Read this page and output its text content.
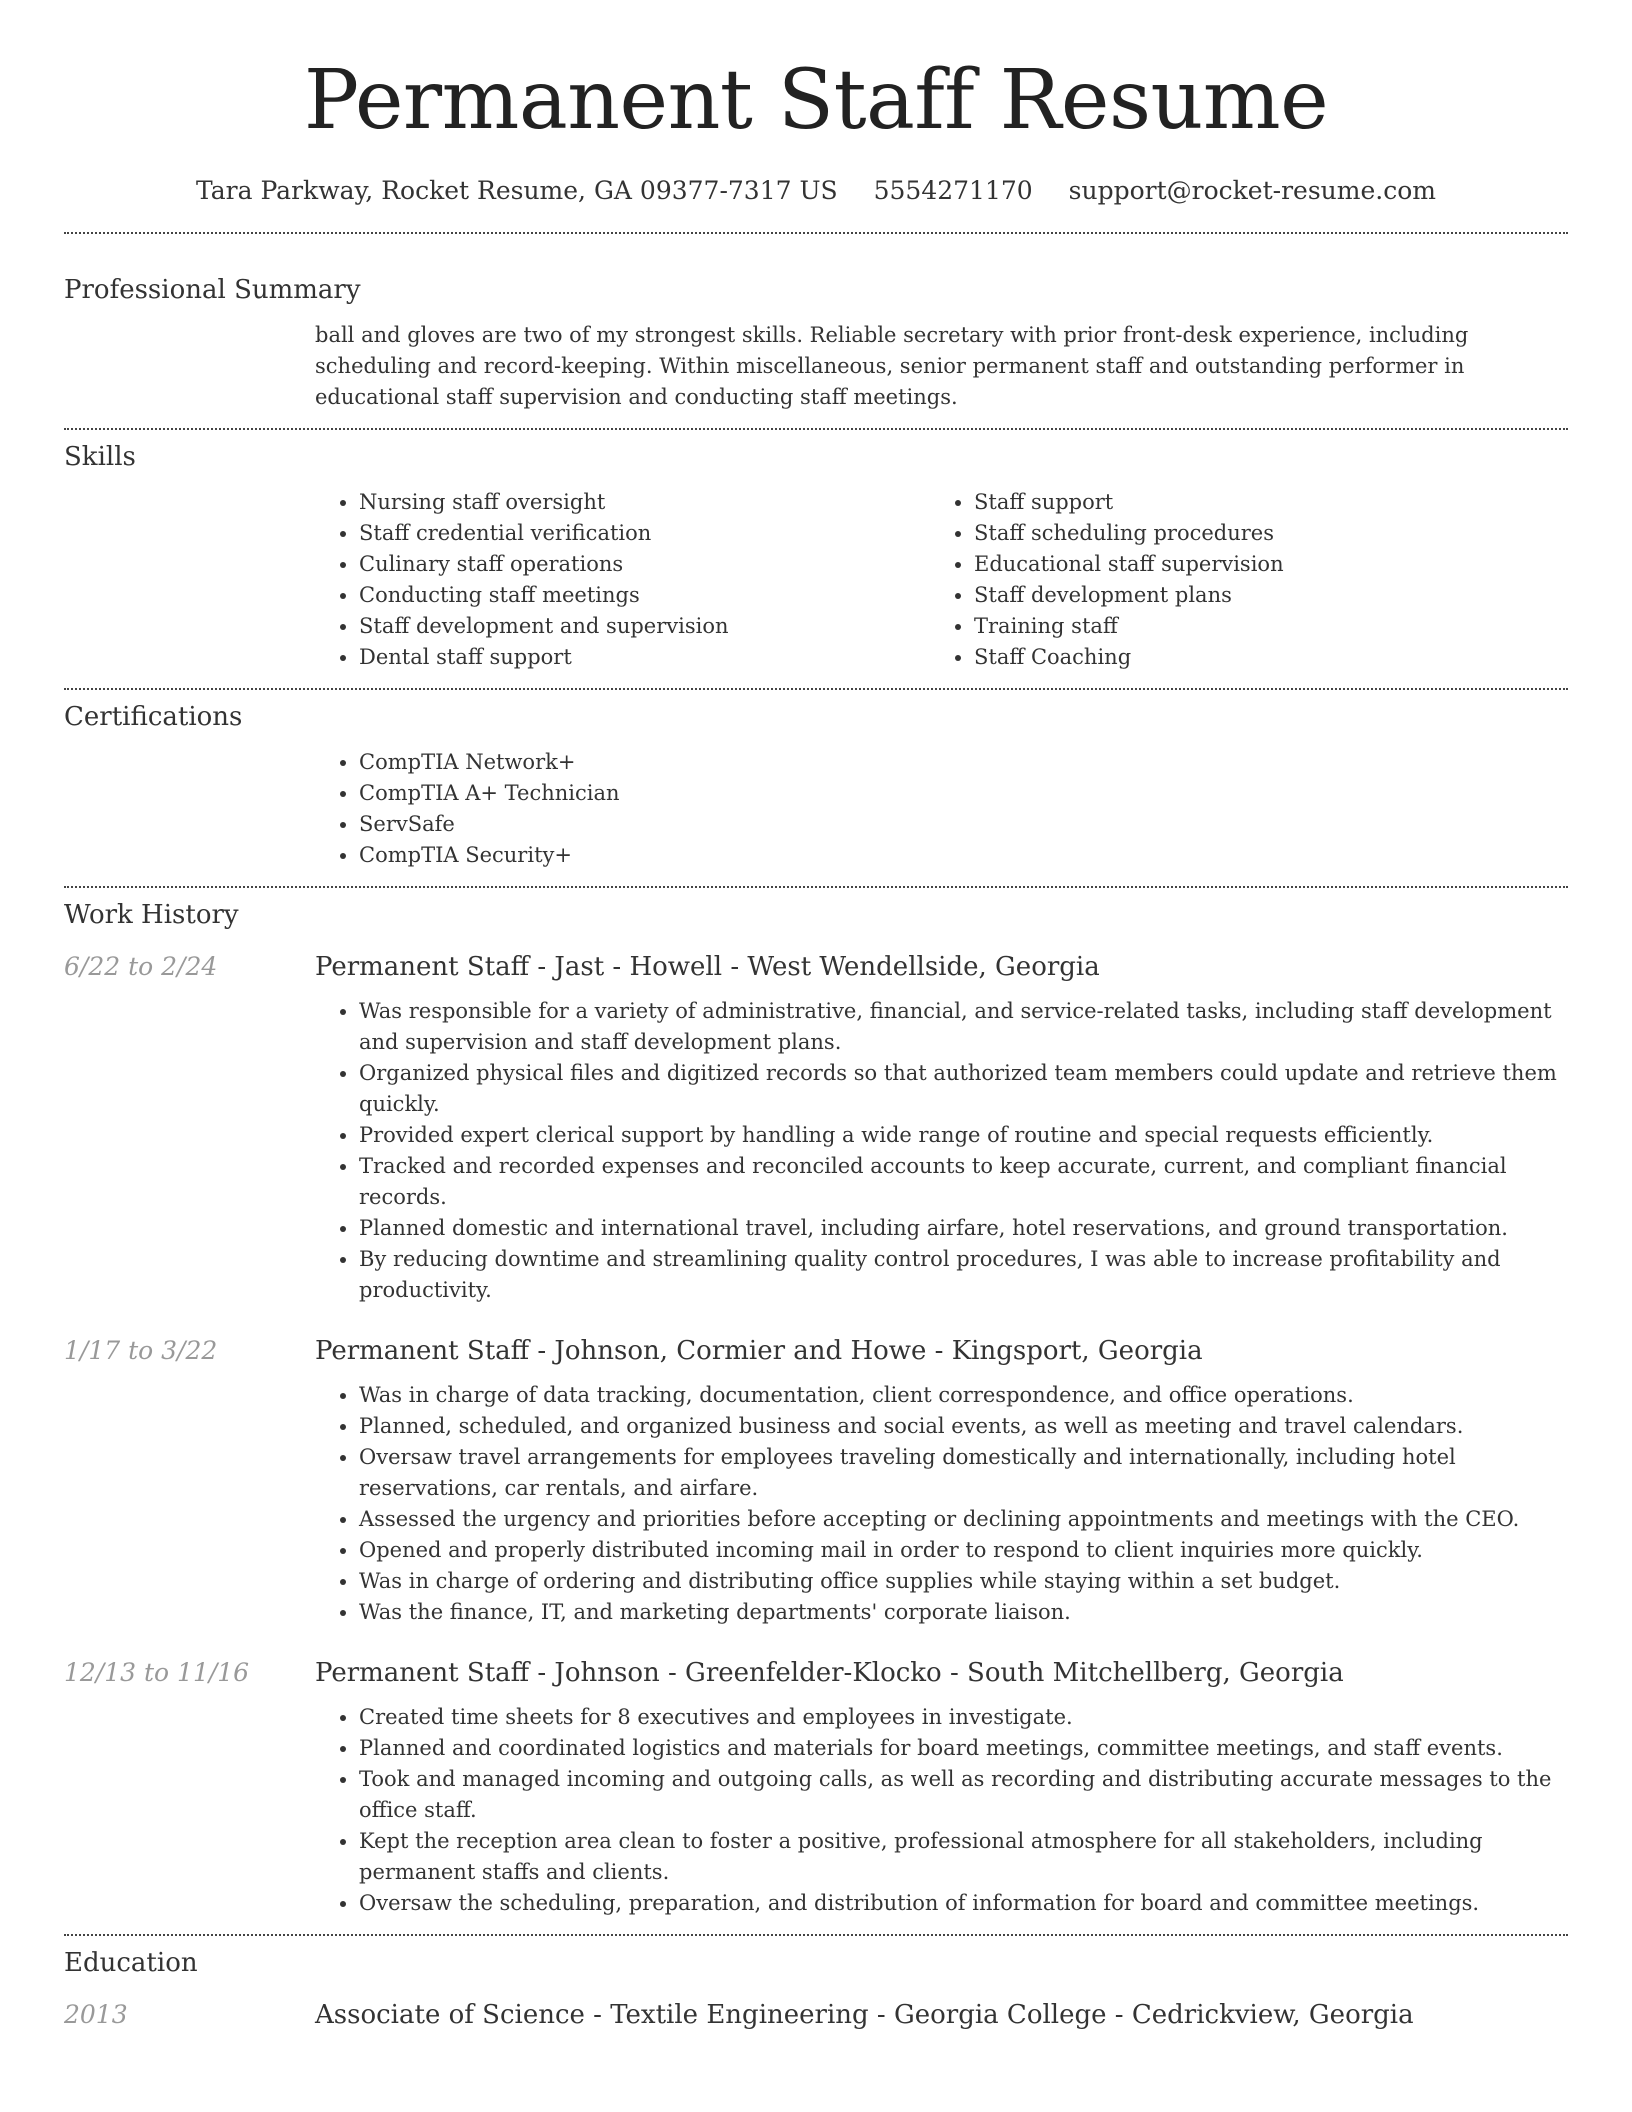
Permanent Staff Resume
Tara Parkway, Rocket Resume, GA 09377-7317 US 5554271170 support@rocket-resume.com
Professional Summary
ball and gloves are two of my strongest skills. Reliable secretary with prior front-desk experience, including scheduling and record-keeping. Within miscellaneous, senior permanent staff and outstanding performer in educational staff supervision and conducting staff meetings.
Skills
• Nursing staff oversight
• Staff credential verification
• Culinary staff operations
• Conducting staff meetings
• Staff development and supervision
• Dental staff support
• Staff support
• Staff scheduling procedures
• Educational staff supervision
• Staff development plans
• Training staff
• Staff Coaching
Certifications
• CompTIA Network+
• CompTIA A+ Technician
• ServSafe
• CompTIA Security+
Work History
6/22 to 2/24	Permanent Staff - Jast - Howell - West Wendellside, Georgia
• Was responsible for a variety of administrative, financial, and service-related tasks, including staff development and supervision and staff development plans.
• Organized physical files and digitized records so that authorized team members could update and retrieve them quickly.
• Provided expert clerical support by handling a wide range of routine and special requests efficiently.
• Tracked and recorded expenses and reconciled accounts to keep accurate, current, and compliant financial records.
• Planned domestic and international travel, including airfare, hotel reservations, and ground transportation.
• By reducing downtime and streamlining quality control procedures, I was able to increase profitability and productivity.
1/17 to 3/22	Permanent Staff - Johnson, Cormier and Howe - Kingsport, Georgia
• Was in charge of data tracking, documentation, client correspondence, and office operations.
• Planned, scheduled, and organized business and social events, as well as meeting and travel calendars.
• Oversaw travel arrangements for employees traveling domestically and internationally, including hotel reservations, car rentals, and airfare.
• Assessed the urgency and priorities before accepting or declining appointments and meetings with the CEO.
• Opened and properly distributed incoming mail in order to respond to client inquiries more quickly.
• Was in charge of ordering and distributing office supplies while staying within a set budget.
• Was the finance, IT, and marketing departments' corporate liaison.
12/13 to 11/16	Permanent Staff - Johnson - Greenfelder-Klocko - South Mitchellberg, Georgia
• Created time sheets for 8 executives and employees in investigate.
• Planned and coordinated logistics and materials for board meetings, committee meetings, and staff events.
• Took and managed incoming and outgoing calls, as well as recording and distributing accurate messages to the office staff.
• Kept the reception area clean to foster a positive, professional atmosphere for all stakeholders, including permanent staffs and clients.
• Oversaw the scheduling, preparation, and distribution of information for board and committee meetings.
Education
2013	Associate of Science - Textile Engineering - Georgia College - Cedrickview, Georgia
